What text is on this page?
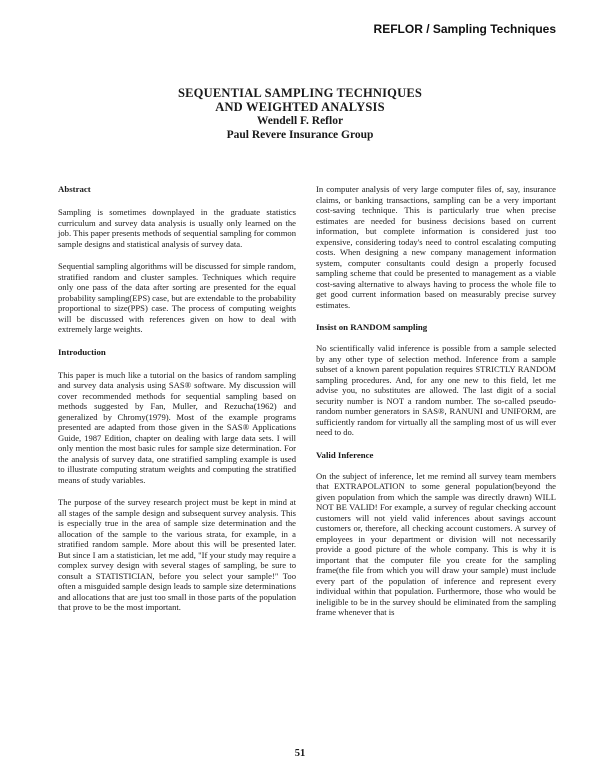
REFLOR / Sampling Techniques
SEQUENTIAL SAMPLING TECHNIQUES
AND WEIGHTED ANALYSIS
Wendell F. Reflor
Paul Revere Insurance Group
Abstract

Sampling is sometimes downplayed in the graduate statistics curriculum and survey data analysis is usually only learned on the job. This paper presents methods of sequential sampling for common sample designs and statistical analysis of survey data.

Sequential sampling algorithms will be discussed for simple random, stratified random and cluster samples. Techniques which require only one pass of the data after sorting are presented for the equal probability sampling(EPS) case, but are extendable to the probability proportional to size(PPS) case. The process of computing weights will be discussed with references given on how to deal with extremely large weights.

Introduction

This paper is much like a tutorial on the basics of random sampling and survey data analysis using SAS® software. My discussion will cover recommended methods for sequential sampling based on methods suggested by Fan, Muller, and Rezucha(1962) and generalized by Chromy(1979). Most of the example programs presented are adapted from those given in the SAS® Applications Guide, 1987 Edition, chapter on dealing with large data sets. I will only mention the most basic rules for sample size determination. For the analysis of survey data, one stratified sampling example is used to illustrate computing stratum weights and computing the stratified means of study variables.

The purpose of the survey research project must be kept in mind at all stages of the sample design and subsequent survey analysis. This is especially true in the area of sample size determination and the allocation of the sample to the various strata, for example, in a stratified random sample. More about this will be presented later. But since I am a statistician, let me add, "If your study may require a complex survey design with several stages of sampling, be sure to consult a STATISTICIAN, before you select your sample!" Too often a misguided sample design leads to sample size determinations and allocations that are just too small in those parts of the population that prove to be the most important.

In computer analysis of very large computer files of, say, insurance claims, or banking transactions, sampling can be a very important cost-saving technique. This is particularly true when precise estimates are needed for business decisions based on current information, but complete information is considered just too expensive, considering today's need to control escalating computing costs. When designing a new company management information system, computer consultants could design a properly focused sampling scheme that could be presented to management as a viable cost-saving alternative to always having to process the whole file to get good current information based on measurably precise survey estimates.

Insist on RANDOM sampling

No scientifically valid inference is possible from a sample selected by any other type of selection method. Inference from a sample subset of a known parent population requires STRICTLY RANDOM sampling procedures. And, for any one new to this field, let me advise you, no substitutes are allowed. The last digit of a social security number is NOT a random number. The so-called pseudo-random number generators in SAS®, RANUNI and UNIFORM, are sufficiently random for virtually all the sampling most of us will ever need to do.

Valid Inference

On the subject of inference, let me remind all survey team members that EXTRAPOLATION to some general population(beyond the given population from which the sample was directly drawn) WILL NOT BE VALID! For example, a survey of regular checking account customers will not yield valid inferences about savings account customers or, therefore, all checking account customers. A survey of employees in your department or division will not necessarily provide a good picture of the whole company. This is why it is important that the computer file you create for the sampling frame(the file from which you will draw your sample) must include every part of the population of inference and represent every individual within that population. Furthermore, those who would be ineligible to be in the survey should be eliminated from the sampling frame whenever that is

51
